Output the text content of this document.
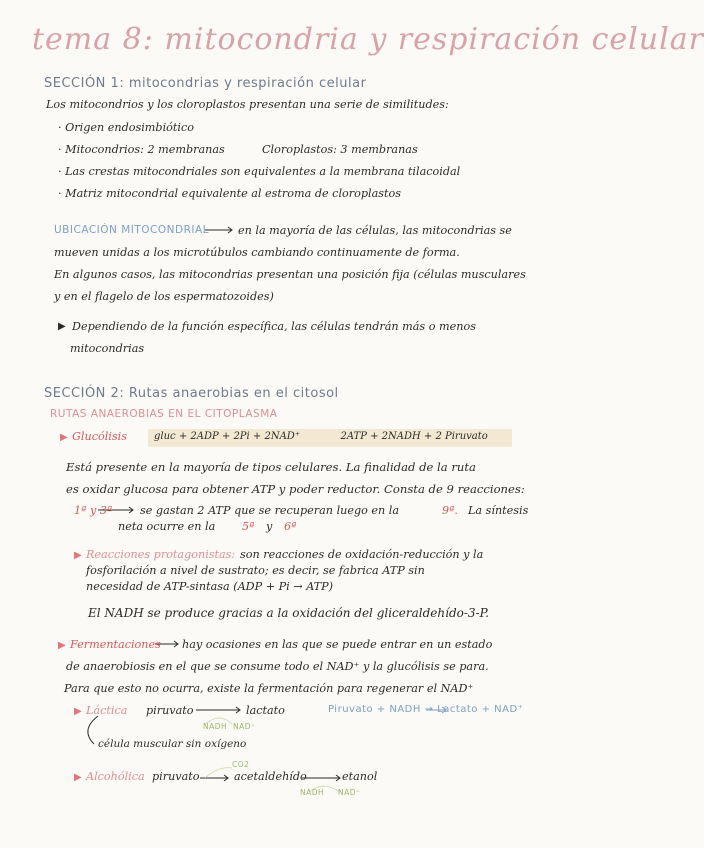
tema 8: mitocondria y respiración celular
SECCIÓN 1: mitocondrias y respiración celular
Los mitocondrios y los cloroplastos presentan una serie de similitudes:
· Origen endosimbiótico
· Mitocondrios: 2 membranas	Cloroplastos: 3 membranas
· Las crestas mitocondriales son equivalentes a la membrana tilacoidal
· Matriz mitocondrial equivalente al estroma de cloroplastos
UBICACIÓN MITOCONDRIAL	en la mayoría de las células, las mitocondrias se
mueven unidas a los microtúbulos cambiando continuamente de forma.
En algunos casos, las mitocondrias presentan una posición fija (células musculares
y en el flagelo de los espermatozoides)
▶ Dependiendo de la función específica, las células tendrán más o menos
mitocondrias
SECCIÓN 2: Rutas anaerobias en el citosol
RUTAS ANAEROBIAS EN EL CITOPLASMA
▶ Glucólisis	gluc + 2ADP + 2Pi + 2NAD⁺	2ATP + 2NADH + 2 Piruvato
Está presente en la mayoría de tipos celulares. La finalidad de la ruta
es oxidar glucosa para obtener ATP y poder reductor. Consta de 9 reacciones:
1ª y 3ª se gastan 2 ATP que se recuperan luego en la	9ª. La síntesis
neta ocurre en la 5ª y 6ª
▶ Reacciones protagonistas: son reacciones de oxidación-reducción y la
fosforilación a nivel de sustrato; es decir, se fabrica ATP sin
necesidad de ATP-sintasa (ADP + Pi → ATP)
El NADH se produce gracias a la oxidación del gliceraldehído-3-P.
▶ Fermentaciones hay ocasiones en las que se puede entrar en un estado
de anaerobiosis en el que se consume todo el NAD⁺ y la glucólisis se para.
Para que esto no ocurra, existe la fermentación para regenerar el NAD⁺
▶ Láctica piruvato	lactato
NADH NAD⁺
Piruvato + NADH → Lactato + NAD⁺
célula muscular sin oxígeno
▶ Alcohólica piruvato
CO2
acetaldehído	etanol
NADH NAD⁺
